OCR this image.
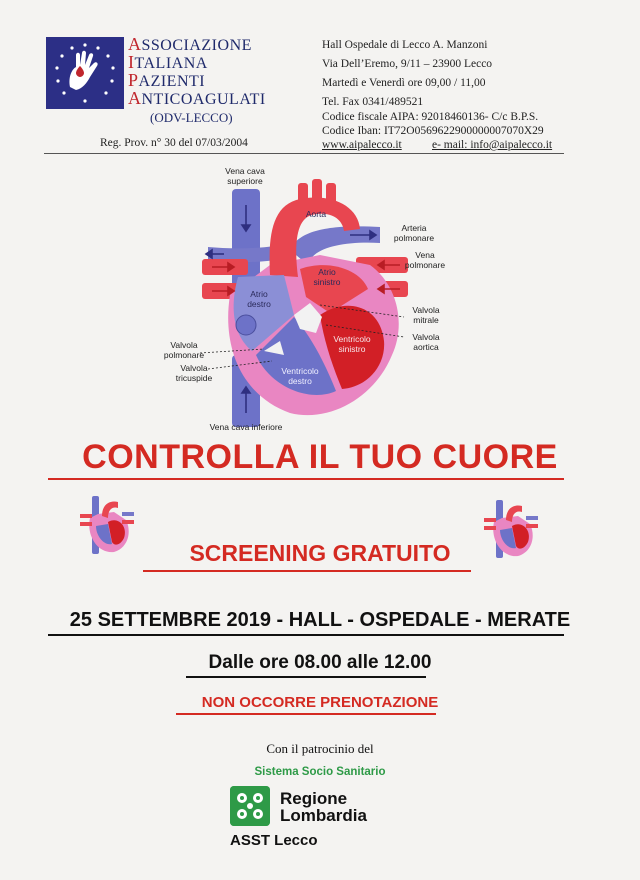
ASSOCIAZIONE
ITALIANA
PAZIENTI
ANTICOAGULATI
(ODV-LECCO)
Reg. Prov. n° 30 del 07/03/2004
Hall Ospedale di Lecco A. Manzoni
Via Dell’Eremo, 9/11 – 23900 Lecco
Martedì e Venerdì ore 09,00 / 11,00
Tel. Fax 0341/489521
Codice fiscale AIPA: 92018460136- C/c B.P.S.
Codice Iban: IT72O0569622900000007070X29
www.aipalecco.it	e- mail: info@aipalecco.it
Vena cava
superiore
Aorta
Arteria
polmonare
Vena
polmonare
Atrio
sinistro
Atrio
destro
Valvola
mitrale
Valvola
aortica
Ventricolo
sinistro
Valvola
polmonare
Valvola
tricuspide
Ventricolo
destro
Vena cava inferiore
CONTROLLA IL TUO CUORE
SCREENING GRATUITO
25 SETTEMBRE 2019 - HALL - OSPEDALE - MERATE
Dalle ore 08.00 alle 12.00
NON OCCORRE PRENOTAZIONE
Con il patrocinio del
Sistema Socio Sanitario
Regione
Lombardia
ASST Lecco
